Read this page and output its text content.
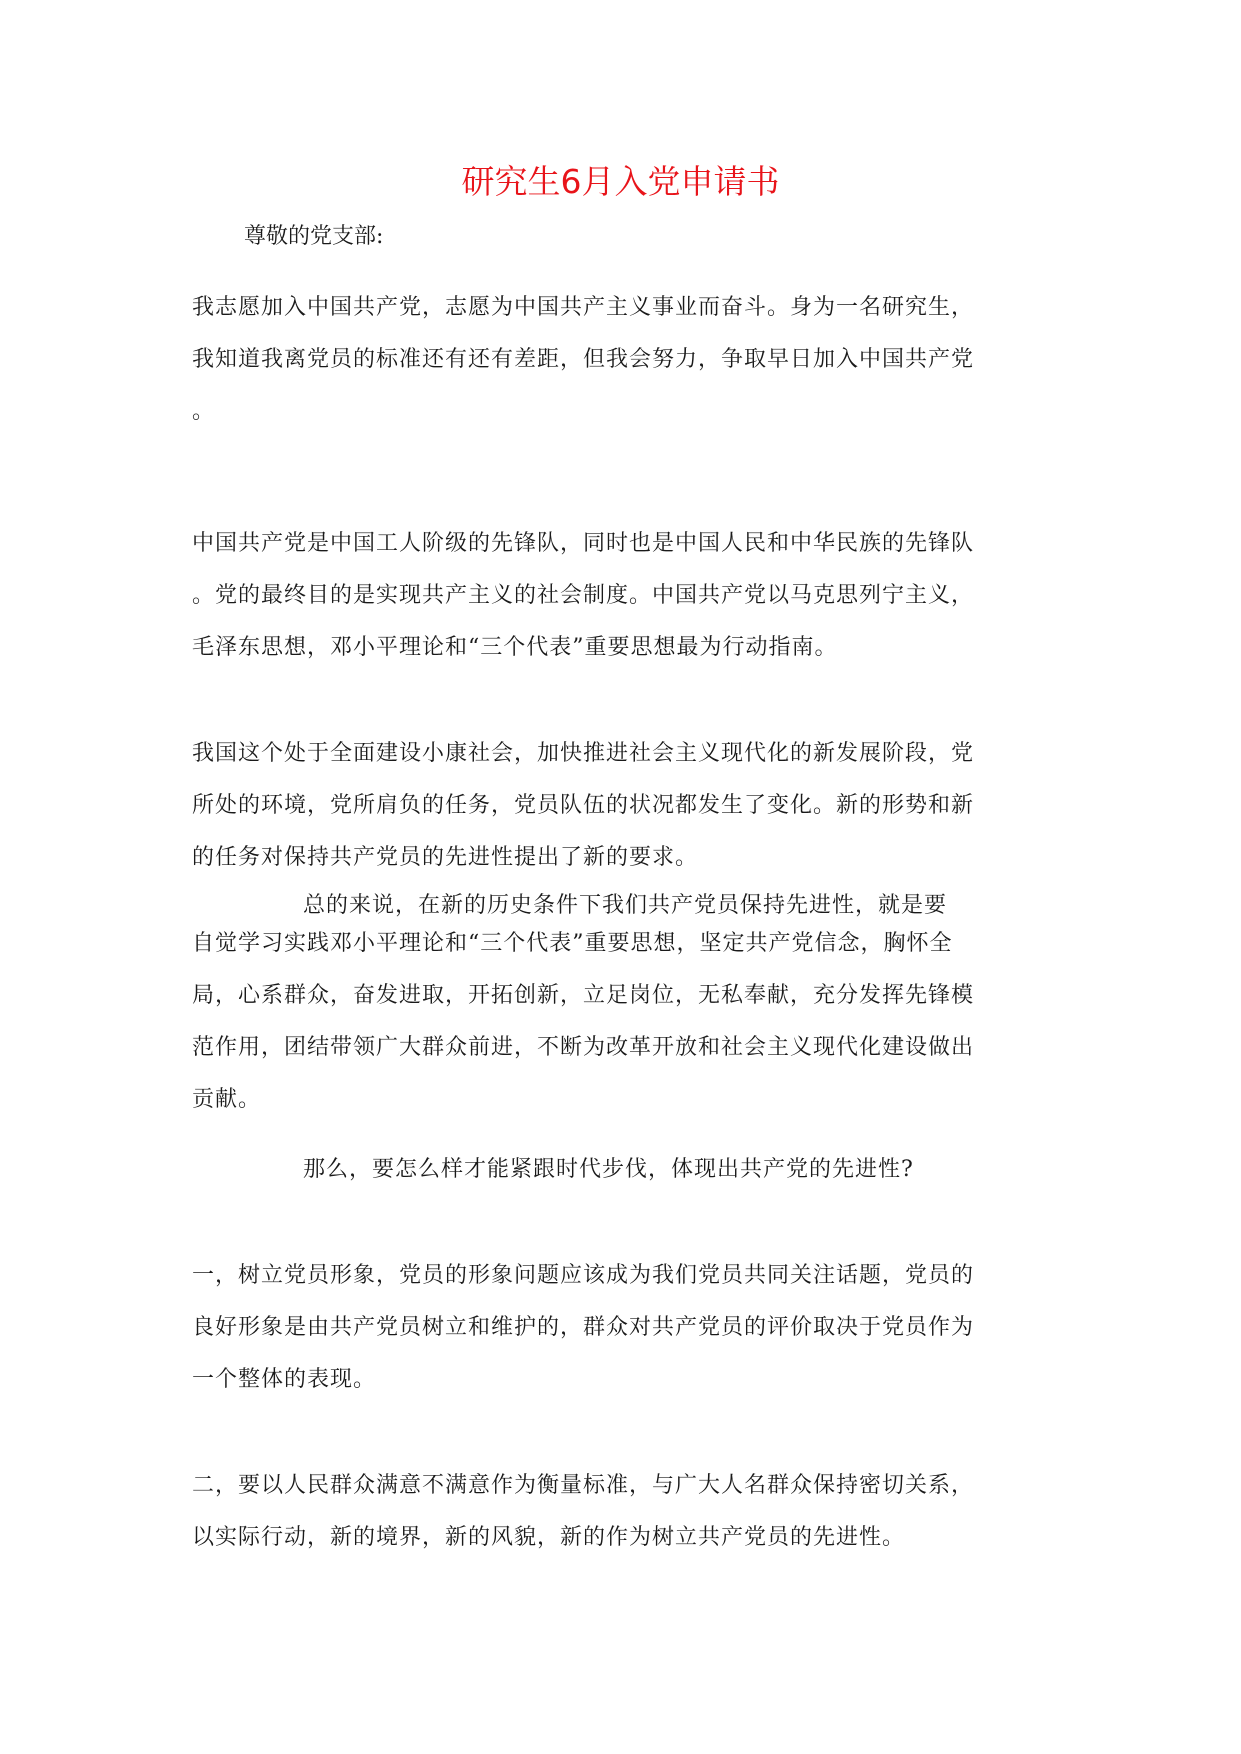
研究生6月入党申请书
尊敬的党支部:
我志愿加入中国共产党，志愿为中国共产主义事业而奋斗。身为一名研究生，
我知道我离党员的标准还有还有差距，但我会努力，争取早日加入中国共产党
。
中国共产党是中国工人阶级的先锋队，同时也是中国人民和中华民族的先锋队
。党的最终目的是实现共产主义的社会制度。中国共产党以马克思列宁主义，
毛泽东思想，邓小平理论和“三个代表”重要思想最为行动指南。
我国这个处于全面建设小康社会，加快推进社会主义现代化的新发展阶段，党
所处的环境，党所肩负的任务，党员队伍的状况都发生了变化。新的形势和新
的任务对保持共产党员的先进性提出了新的要求。
总的来说，在新的历史条件下我们共产党员保持先进性，就是要
自觉学习实践邓小平理论和“三个代表”重要思想，坚定共产党信念，胸怀全
局，心系群众，奋发进取，开拓创新，立足岗位，无私奉献，充分发挥先锋模
范作用，团结带领广大群众前进，不断为改革开放和社会主义现代化建设做出
贡献。
那么，要怎么样才能紧跟时代步伐，体现出共产党的先进性?
一，树立党员形象，党员的形象问题应该成为我们党员共同关注话题，党员的
良好形象是由共产党员树立和维护的，群众对共产党员的评价取决于党员作为
一个整体的表现。
二，要以人民群众满意不满意作为衡量标准，与广大人名群众保持密切关系，
以实际行动，新的境界，新的风貌，新的作为树立共产党员的先进性。
